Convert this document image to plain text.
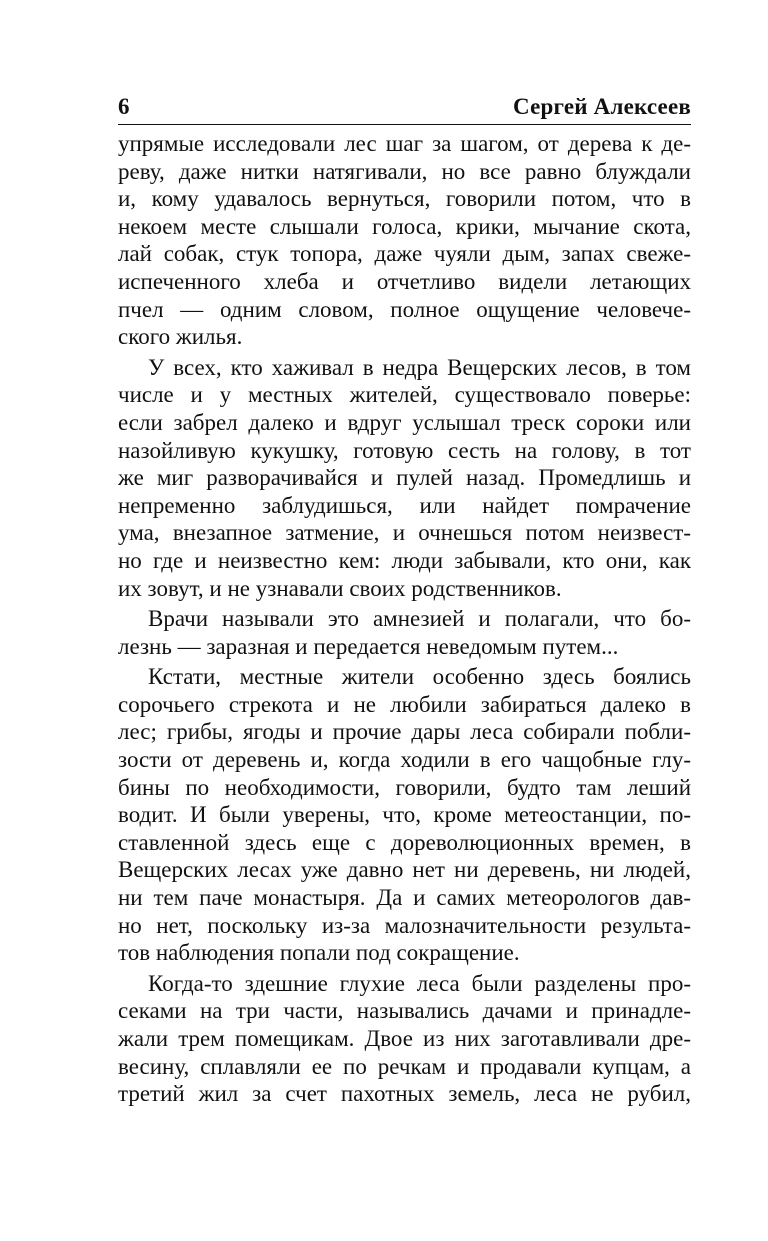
6	Сергей Алексеев
упрямые исследовали лес шаг за шагом, от дерева к де-
реву, даже нитки натягивали, но все равно блуждали
и, кому удавалось вернуться, говорили потом, что в
некоем месте слышали голоса, крики, мычание скота,
лай собак, стук топора, даже чуяли дым, запах свеже-
испеченного хлеба и отчетливо видели летающих
пчел — одним словом, полное ощущение человече-
ского жилья.
У всех, кто хаживал в недра Вещерских лесов, в том
числе и у местных жителей, существовало поверье:
если забрел далеко и вдруг услышал треск сороки или
назойливую кукушку, готовую сесть на голову, в тот
же миг разворачивайся и пулей назад. Промедлишь и
непременно заблудишься, или найдет помрачение
ума, внезапное затмение, и очнешься потом неизвест-
но где и неизвестно кем: люди забывали, кто они, как
их зовут, и не узнавали своих родственников.
Врачи называли это амнезией и полагали, что бо-
лезнь — заразная и передается неведомым путем...
Кстати, местные жители особенно здесь боялись
сорочьего стрекота и не любили забираться далеко в
лес; грибы, ягоды и прочие дары леса собирали побли-
зости от деревень и, когда ходили в его чащобные глу-
бины по необходимости, говорили, будто там леший
водит. И были уверены, что, кроме метеостанции, по-
ставленной здесь еще с дореволюционных времен, в
Вещерских лесах уже давно нет ни деревень, ни людей,
ни тем паче монастыря. Да и самих метеорологов дав-
но нет, поскольку из-за малозначительности результа-
тов наблюдения попали под сокращение.
Когда-то здешние глухие леса были разделены про-
секами на три части, назывались дачами и принадле-
жали трем помещикам. Двое из них заготавливали дре-
весину, сплавляли ее по речкам и продавали купцам, а
третий жил за счет пахотных земель, леса не рубил,
